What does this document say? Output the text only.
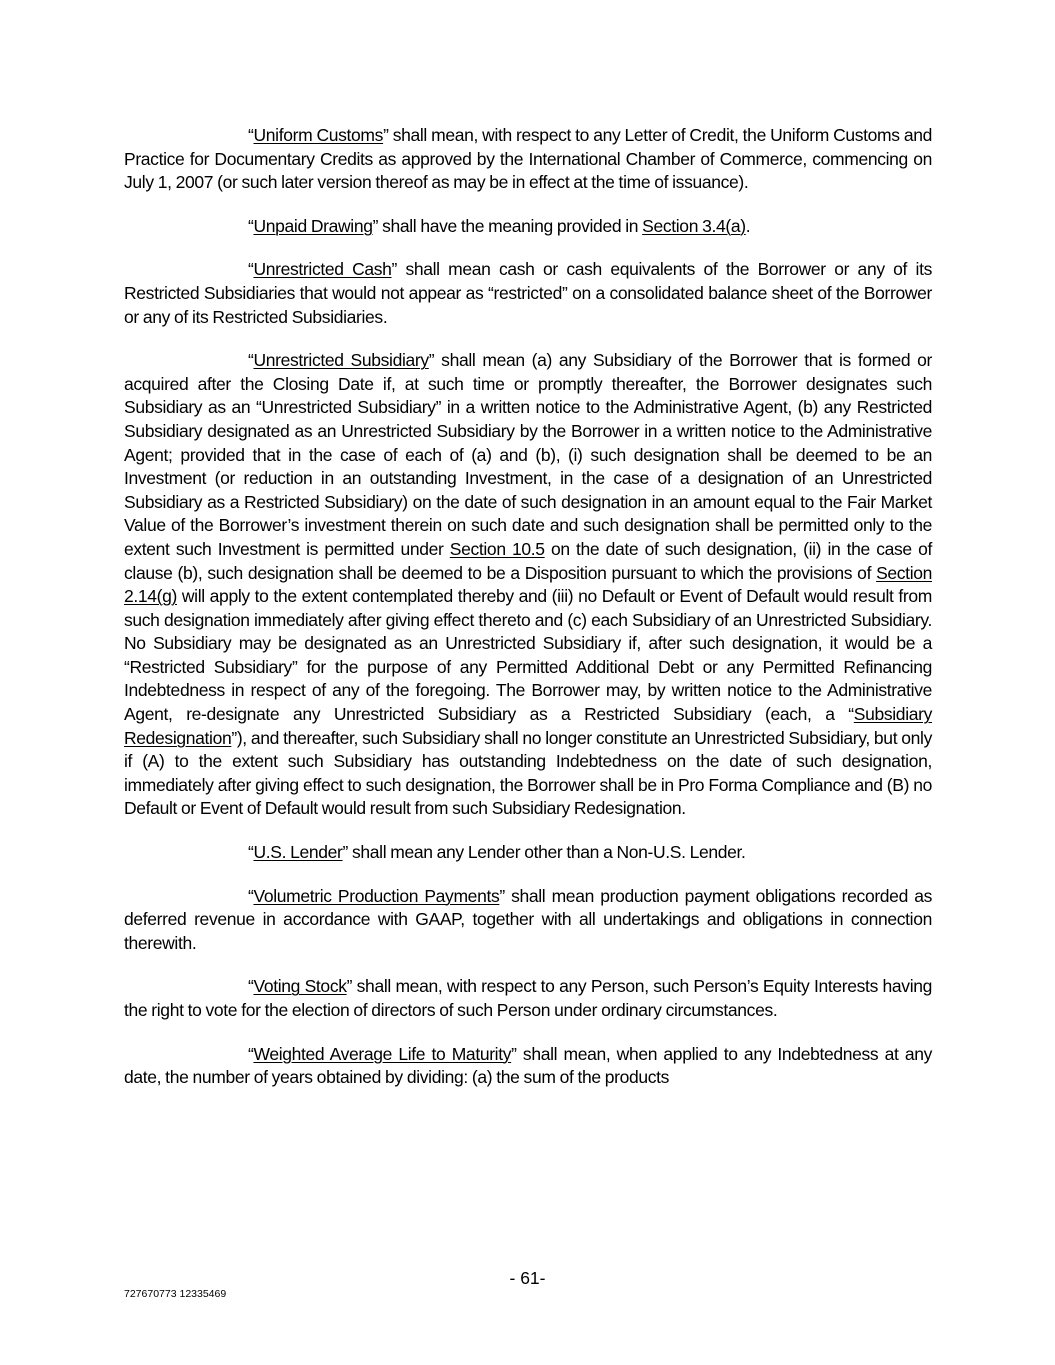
“Uniform Customs” shall mean, with respect to any Letter of Credit, the Uniform Customs and Practice for Documentary Credits as approved by the International Chamber of Commerce, commencing on July 1, 2007 (or such later version thereof as may be in effect at the time of issuance).

“Unpaid Drawing” shall have the meaning provided in Section 3.4(a).

“Unrestricted Cash” shall mean cash or cash equivalents of the Borrower or any of its Restricted Subsidiaries that would not appear as “restricted” on a consolidated balance sheet of the Borrower or any of its Restricted Subsidiaries.

“Unrestricted Subsidiary” shall mean (a) any Subsidiary of the Borrower that is formed or acquired after the Closing Date if, at such time or promptly thereafter, the Borrower designates such Subsidiary as an “Unrestricted Subsidiary” in a written notice to the Administrative Agent, (b) any Restricted Subsidiary designated as an Unrestricted Subsidiary by the Borrower in a written notice to the Administrative Agent; provided that in the case of each of (a) and (b), (i) such designation shall be deemed to be an Investment (or reduction in an outstanding Investment, in the case of a designation of an Unrestricted Subsidiary as a Restricted Subsidiary) on the date of such designation in an amount equal to the Fair Market Value of the Borrower’s investment therein on such date and such designation shall be permitted only to the extent such Investment is permitted under Section 10.5 on the date of such designation, (ii) in the case of clause (b), such designation shall be deemed to be a Disposition pursuant to which the provisions of Section 2.14(g) will apply to the extent contemplated thereby and (iii) no Default or Event of Default would result from such designation immediately after giving effect thereto and (c) each Subsidiary of an Unrestricted Subsidiary. No Subsidiary may be designated as an Unrestricted Subsidiary if, after such designation, it would be a “Restricted Subsidiary” for the purpose of any Permitted Additional Debt or any Permitted Refinancing Indebtedness in respect of any of the foregoing. The Borrower may, by written notice to the Administrative Agent, re-designate any Unrestricted Subsidiary as a Restricted Subsidiary (each, a “Subsidiary Redesignation”), and thereafter, such Subsidiary shall no longer constitute an Unrestricted Subsidiary, but only if (A) to the extent such Subsidiary has outstanding Indebtedness on the date of such designation, immediately after giving effect to such designation, the Borrower shall be in Pro Forma Compliance and (B) no Default or Event of Default would result from such Subsidiary Redesignation.

“U.S. Lender” shall mean any Lender other than a Non-U.S. Lender.

“Volumetric Production Payments” shall mean production payment obligations recorded as deferred revenue in accordance with GAAP, together with all undertakings and obligations in connection therewith.

“Voting Stock” shall mean, with respect to any Person, such Person’s Equity Interests having the right to vote for the election of directors of such Person under ordinary circumstances.

“Weighted Average Life to Maturity” shall mean, when applied to any Indebtedness at any date, the number of years obtained by dividing: (a) the sum of the products

- 61-
727670773 12335469
